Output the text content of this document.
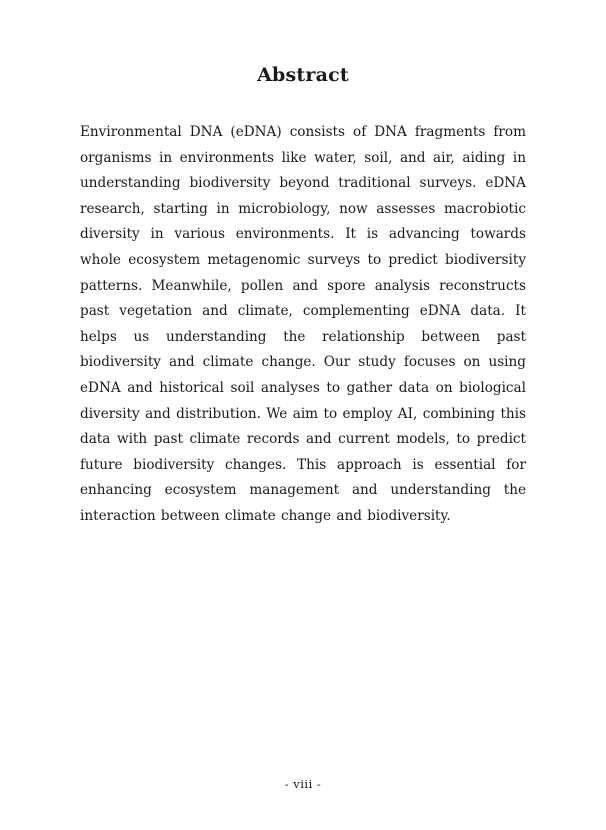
Abstract

Environmental DNA (eDNA) consists of DNA fragments from organisms in environments like water, soil, and air, aiding in understanding biodiversity beyond traditional surveys. eDNA research, starting in microbiology, now assesses macrobiotic diversity in various environments. It is advancing towards whole ecosystem metagenomic surveys to predict biodiversity patterns. Meanwhile, pollen and spore analysis reconstructs past vegetation and climate, complementing eDNA data. It helps us understanding the relationship between past biodiversity and climate change. Our study focuses on using eDNA and historical soil analyses to gather data on biological diversity and distribution. We aim to employ AI, combining this data with past climate records and current models, to predict future biodiversity changes. This approach is essential for enhancing ecosystem management and understanding the interaction between climate change and biodiversity.

- viii -
